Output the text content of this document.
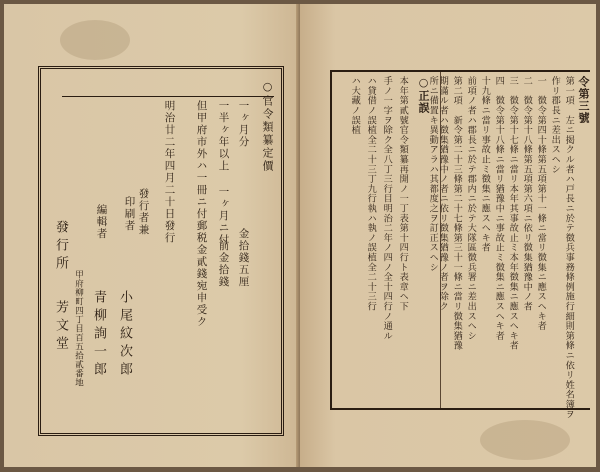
○官令類纂定價
一ヶ月分
金拾錢五厘
一半ヶ年以上
一ヶ月ニ付
前金拾錢
但甲府市外ハ一冊ニ付郵税金貳錢宛申受ク
明治廿二年四月二十日發行
發行者兼
印刷者
小尾紋次郎
編輯者
青柳詢一郎
甲府柳町四丁目百五拾貳番地
發行所
芳文堂
○正誤
本年第貳號官令類纂再開ノ一丁表第十四行ト表章ヘ下
手ノ一字ヲ除ク全八丁三行目明治二年ノ四ノ全十四行ノ通ル
ハ貸借ノ誤植全二十三丁九行執ハ執ノ誤植全二十三行
ハ大藏ノ誤植	令第三號
第一項　左ニ掲クル者ハ戸長ニ於テ徴兵事務條例施行細則第條ニ依リ姓名簿ヲ
作リ郡長ニ差出スヘシ
一　徴令第四十條第五項第十一條ニ當リ徴集ニ應スヘキ者
二　徴令第十八條第五項第六項ニ依リ徴集猶豫中ノ者
三　徴令第十七條ニ當リ本年其事故止ミ本年徴集ニ應スヘキ者
四　徴令第十八條ニ當リ猶豫中ニ事故止ミ徴集ニ應スヘキ者
十九條ニ當リ事故止ミ徴集ニ應スヘキ者
前項ノ者ハ郡長ニ於テ郡内ニ於テ大隊區徴兵署ニ差出スヘシ
第二項　新令第二十三條第二十七條第三十一條ニ當リ徴集猶豫
期滿ル者ハ徴集猶豫中ノ者ニ依リ徴集猶豫ノ者ヲ除ク
所ニ備置キ異動アラハ其都度之ヲ訂正スヘシ
